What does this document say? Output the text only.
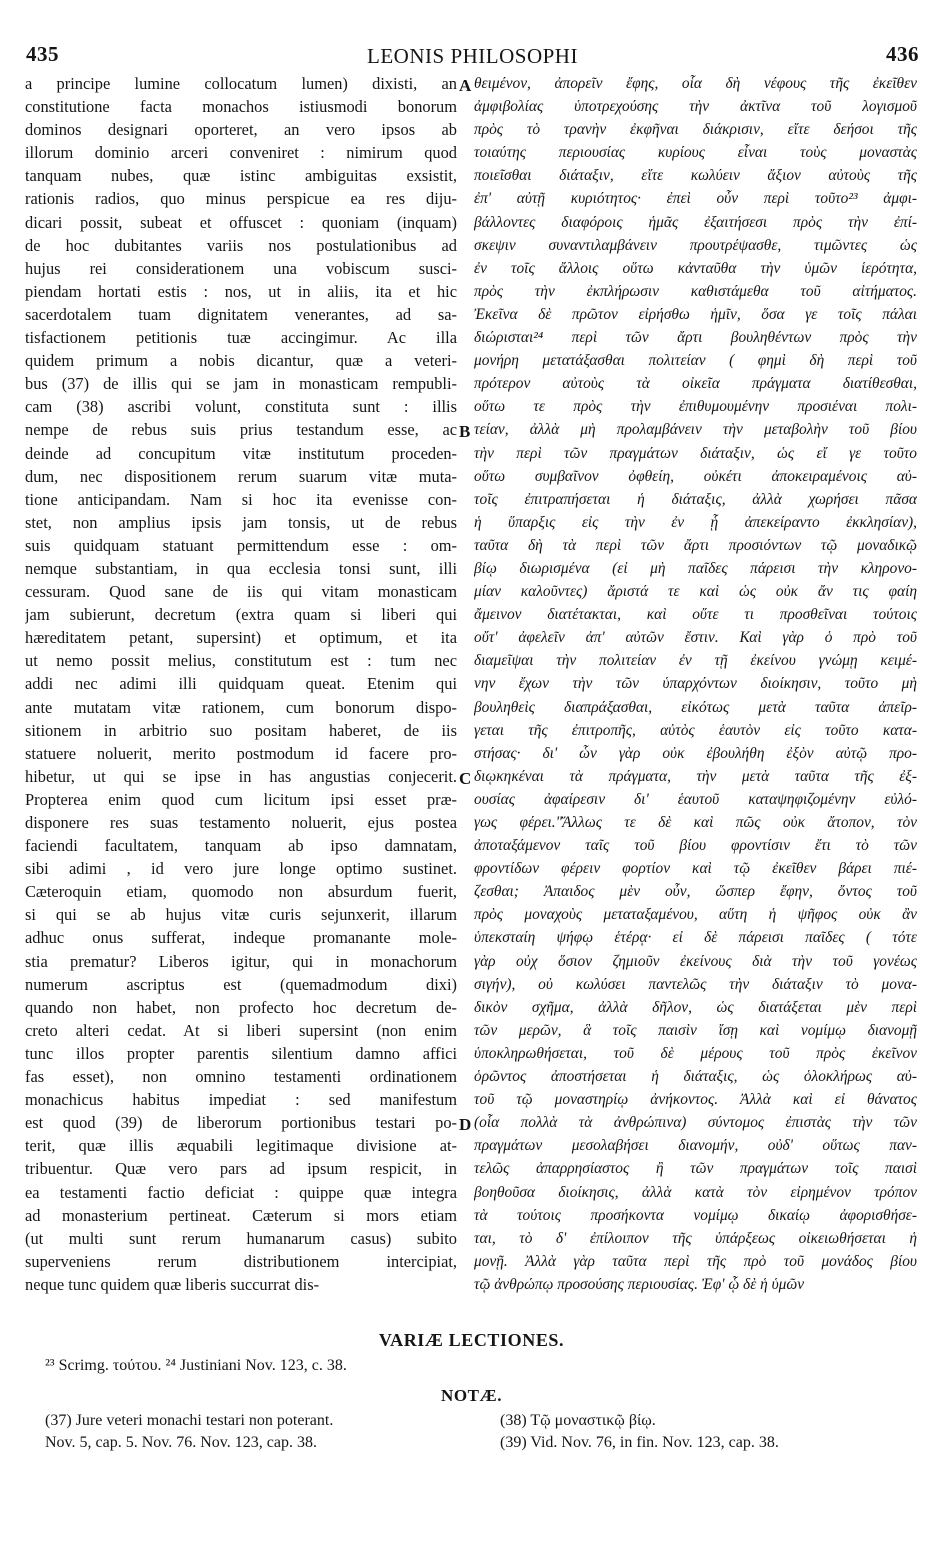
435	LEONIS PHILOSOPHI	436
a principe lumine collocatum lumen) dixisti, an
constitutione facta monachos istiusmodi bonorum
dominos designari oporteret, an vero ipsos ab
illorum dominio arceri conveniret : nimirum quod
tanquam nubes, quæ istinc ambiguitas exsistit,
rationis radios, quo minus perspicue ea res diju-
dicari possit, subeat et offuscet : quoniam (inquam)
de hoc dubitantes variis nos postulationibus ad
hujus rei considerationem una vobiscum susci-
piendam hortati estis : nos, ut in aliis, ita et hic
sacerdotalem tuam dignitatem venerantes, ad sa-
tisfactionem petitionis tuæ accingimur. Ac illa
quidem primum a nobis dicantur, quæ a veteri-
bus (37) de illis qui se jam in monasticam rempubli-
cam (38) ascribi volunt, constituta sunt : illis
nempe de rebus suis prius testandum esse, ac
deinde ad concupitum vitæ institutum proceden-
dum, nec dispositionem rerum suarum vitæ muta-
tione anticipandam. Nam si hoc ita evenisse con-
stet, non amplius ipsis jam tonsis, ut de rebus
suis quidquam statuant permittendum esse : om-
nemque substantiam, in qua ecclesia tonsi sunt, illi
cessuram. Quod sane de iis qui vitam monasticam
jam subierunt, decretum (extra quam si liberi qui
hæreditatem petant, supersint) et optimum, et ita
ut nemo possit melius, constitutum est : tum nec
addi nec adimi illi quidquam queat. Etenim qui
ante mutatam vitæ rationem, cum bonorum dispo-
sitionem in arbitrio suo positam haberet, de iis
statuere noluerit, merito postmodum id facere pro-
hibetur, ut qui se ipse in has angustias conjecerit.
Propterea enim quod cum licitum ipsi esset præ-
disponere res suas testamento noluerit, ejus postea
faciendi facultatem, tanquam ab ipso damnatam,
sibi adimi , id vero jure longe optimo sustinet.
Cæteroquin etiam, quomodo non absurdum fuerit,
si qui se ab hujus vitæ curis sejunxerit, illarum
adhuc onus sufferat, indeque promanante mole-
stia prematur? Liberos igitur, qui in monachorum
numerum ascriptus est (quemadmodum dixi)
quando non habet, non profecto hoc decretum de-
creto alteri cedat. At si liberi supersint (non enim
tunc illos propter parentis silentium damno affici
fas esset), non omnino testamenti ordinationem
monachicus habitus impediat : sed manifestum
est quod (39) de liberorum portionibus testari po-
terit, quæ illis æquabili legitimaque divisione at-
tribuentur. Quæ vero pars ad ipsum respicit, in
ea testamenti factio deficiat : quippe quæ integra
ad monasterium pertineat. Cæterum si mors etiam
(ut multi sunt rerum humanarum casus) subito
superveniens rerum distributionem intercipiat,
neque tunc quidem quæ liberis succurrat dis-
θειμένον, ἀπορεῖν ἔφης, οἷα δὴ νέφους τῆς ἐκεῖθεν
ἀμφιβολίας ὑποτρεχούσης τὴν ἀκτῖνα τοῦ λογισμοῦ
πρὸς τὸ τρανὴν ἐκφῆναι διάκρισιν, εἴτε δεήσοι τῆς
τοιαύτης περιουσίας κυρίους εἶναι τοὺς μοναστὰς
ποιεῖσθαι διάταξιν, εἴτε κωλύειν ἄξιον αὐτοὺς τῆς
ἐπ' αὐτῇ κυριότητος· ἐπεὶ οὖν περὶ τοῦτο²³ ἀμφι-
βάλλοντες διαφόροις ἡμᾶς ἐξαιτήσεσι πρὸς τὴν ἐπί-
σκεψιν συναντιλαμβάνειν προυτρέψασθε, τιμῶντες ὡς
ἐν τοῖς ἄλλοις οὕτω κἀνταῦθα τὴν ὑμῶν ἱερότητα,
πρὸς τὴν ἐκπλήρωσιν καθιστάμεθα τοῦ αἰτήματος.
Ἐκεῖνα δὲ πρῶτον εἰρήσθω ἡμῖν, ὅσα γε τοῖς πάλαι
διώρισται²⁴ περὶ τῶν ἄρτι βουληθέντων πρὸς τὴν
μονήρη μετατάξασθαι πολιτείαν ( φημὶ δὴ περὶ τοῦ
πρότερον αὐτοὺς τὰ οἰκεῖα πράγματα διατίθεσθαι,
οὕτω τε πρὸς τὴν ἐπιθυμουμένην προσιέναι πολι-
τείαν, ἀλλὰ μὴ προλαμβάνειν τὴν μεταβολὴν τοῦ βίου
τὴν περὶ τῶν πραγμάτων διάταξιν, ὡς εἴ γε τοῦτο
οὕτω συμβαῖνον ὀφθείη, οὐκέτι ἀποκειραμένοις αὐ-
τοῖς ἐπιτραπήσεται ἡ διάταξις, ἀλλὰ χωρήσει πᾶσα
ἡ ὕπαρξις εἰς τὴν ἐν ᾗ ἀπεκείραντο ἐκκλησίαν),
ταῦτα δὴ τὰ περὶ τῶν ἄρτι προσιόντων τῷ μοναδικῷ
βίῳ διωρισμένα (εἰ μὴ παῖδες πάρεισι τὴν κληρονο-
μίαν καλοῦντες) ἄριστά τε καὶ ὡς οὐκ ἄν τις φαίη
ἄμεινον διατέτακται, καὶ οὔτε τι προσθεῖναι τούτοις
οὔτ' ἀφελεῖν ἀπ' αὐτῶν ἔστιν. Καὶ γὰρ ὁ πρὸ τοῦ
διαμεῖψαι τὴν πολιτείαν ἐν τῇ ἐκείνου γνώμῃ κειμέ-
νην ἔχων τὴν τῶν ὑπαρχόντων διοίκησιν, τοῦτο μὴ
βουληθεὶς διαπράξασθαι, εἰκότως μετὰ ταῦτα ἀπεῖρ-
γεται τῆς ἐπιτροπῆς, αὐτὸς ἑαυτὸν εἰς τοῦτο κατα-
στήσας· δι' ὧν γὰρ οὐκ ἐβουλήθη ἐξὸν αὐτῷ προ-
διῳκηκέναι τὰ πράγματα, τὴν μετὰ ταῦτα τῆς ἐξ-
ουσίας ἀφαίρεσιν δι' ἑαυτοῦ καταψηφιζομένην εὐλό-
γως φέρει."Ἄλλως τε δὲ καὶ πῶς οὐκ ἄτοπον, τὸν
ἀποταξάμενον ταῖς τοῦ βίου φροντίσιν ἔτι τὸ τῶν
φροντίδων φέρειν φορτίον καὶ τῷ ἐκεῖθεν βάρει πιέ-
ζεσθαι; Ἀπαιδος μὲν οὖν, ὥσπερ ἔφην, ὄντος τοῦ
πρὸς μοναχοὺς μεταταξαμένου, αὕτη ἡ ψῆφος οὐκ ἂν
ὑπεκσταίη ψήφῳ ἑτέρᾳ· εἰ δὲ πάρεισι παῖδες ( τότε
γὰρ οὐχ ὅσιον ζημιοῦν ἐκείνους διὰ τὴν τοῦ γονέως
σιγήν), οὐ κωλύσει παντελῶς τὴν διάταξιν τὸ μονα-
δικὸν σχῆμα, ἀλλὰ δῆλον, ὡς διατάξεται μὲν περὶ
τῶν μερῶν, ἃ τοῖς παισὶν ἴσῃ καὶ νομίμῳ διανομῇ
ὑποκληρωθήσεται, τοῦ δὲ μέρους τοῦ πρὸς ἐκεῖνον
ὁρῶντος ἀποστήσεται ἡ διάταξις, ὡς ὁλοκλήρως αὐ-
τοῦ τῷ μοναστηρίῳ ἀνήκοντος. Ἀλλὰ καὶ εἰ θάνατος
(οἷα πολλὰ τὰ ἀνθρώπινα) σύντομος ἐπιστὰς τὴν τῶν
πραγμάτων μεσολαβήσει διανομήν, οὐδ' οὕτως παν-
τελῶς ἀπαρρησίαστος ἢ τῶν πραγμάτων τοῖς παισὶ
βοηθοῦσα διοίκησις, ἀλλὰ κατὰ τὸν εἰρημένον τρόπον
τὰ τούτοις προσήκοντα νομίμῳ δικαίῳ ἀφορισθήσε-
ται, τὸ δ' ἐπίλοιπον τῆς ὑπάρξεως οἰκειωθήσεται ἡ
μονῇ. Ἀλλὰ γὰρ ταῦτα περὶ τῆς πρὸ τοῦ μονάδος βίου
τῷ ἀνθρώπῳ προσούσης περιουσίας. Ἐφ' ᾧ δὲ ἡ ὑμῶν
A
B
C
D
VARIÆ LECTIONES.
²³ Scrimg. τούτου. ²⁴ Justiniani Nov. 123, c. 38.
NOTÆ.
(37) Jure veteri monachi testari non poterant.
Nov. 5, cap. 5. Nov. 76. Nov. 123, cap. 38.
(38) Τῷ μοναστικῷ βίῳ.
(39) Vid. Nov. 76, in fin. Nov. 123, cap. 38.
